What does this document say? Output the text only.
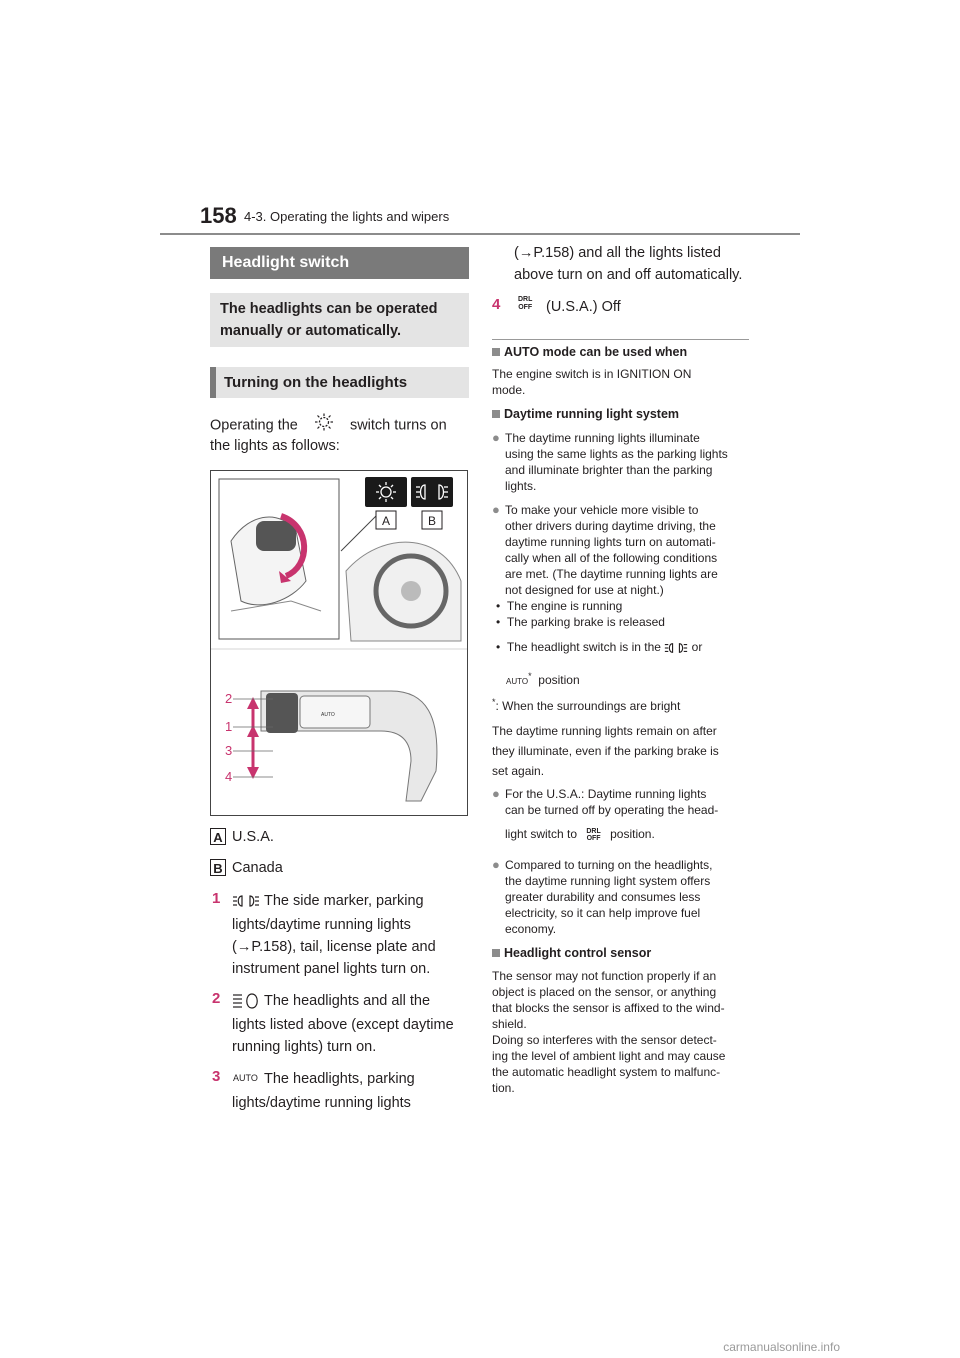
158 4-3. Operating the lights and wipers
Headlight switch
The headlights can be operated manually or automatically.
Turning on the headlights
Operating the	switch turns on
the lights as follows:
A	B
AUTO
2
1
3
4
A U.S.A.
B Canada
1	The side marker, parking
lights/daytime running lights
(→P.158), tail, license plate and
instrument panel lights turn on.
2	The headlights and all the
lights listed above (except daytime
running lights) turn on.
3 AUTO The headlights, parking
lights/daytime running lights
(→P.158) and all the lights listed
above turn on and off automatically.
4	DRL
OFF (U.S.A.) Off
AUTO mode can be used when
The engine switch is in IGNITION ON
mode.
Daytime running light system
● The daytime running lights illuminate
using the same lights as the parking lights
and illuminate brighter than the parking
lights.
● To make your vehicle more visible to
other drivers during daytime driving, the
daytime running lights turn on automati-
cally when all of the following conditions
are met. (The daytime running lights are
not designed for use at night.)
•  The engine is running
•  The parking brake is released
•  The headlight switch is in the	or
AUTO* position
*: When the surroundings are bright
The daytime running lights remain on after
they illuminate, even if the parking brake is
set again.
● For the U.S.A.: Daytime running lights
can be turned off by operating the head-
light switch to DRL
OFF position.
● Compared to turning on the headlights,
the daytime running light system offers
greater durability and consumes less
electricity, so it can help improve fuel
economy.
Headlight control sensor
The sensor may not function properly if an
object is placed on the sensor, or anything
that blocks the sensor is affixed to the wind-
shield.
Doing so interferes with the sensor detect-
ing the level of ambient light and may cause
the automatic headlight system to malfunc-
tion.
carmanualsonline.info
